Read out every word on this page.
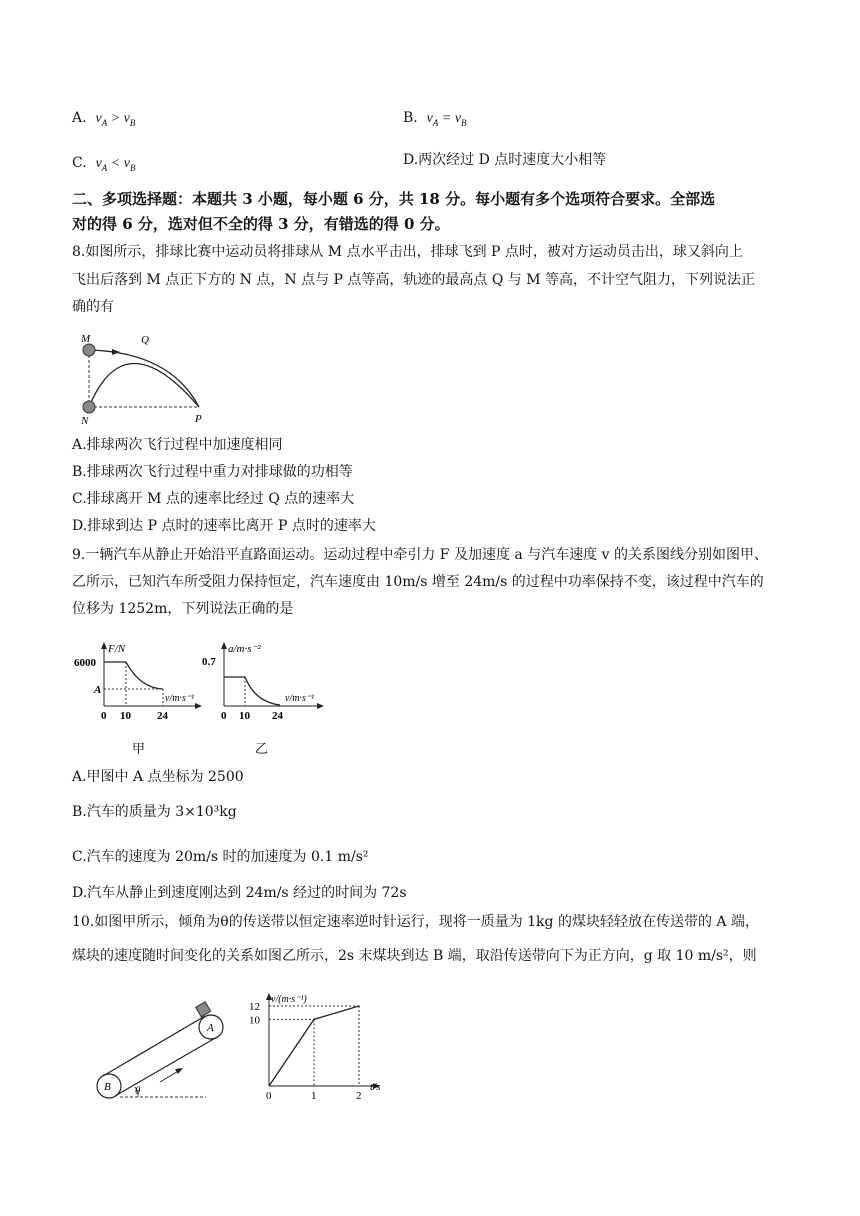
A. $v_A > v_B$	B. $v_A = v_B$
C. $v_A < v_B$	D.两次经过 D 点时速度大小相等
二、多项选择题：本题共 3 小题，每小题 6 分，共 18 分。每小题有多个选项符合要求。全部选
对的得 6 分，选对但不全的得 3 分，有错选的得 0 分。
8.如图所示，排球比赛中运动员将排球从 M 点水平击出，排球飞到 P 点时，被对方运动员击出，球又斜向上
飞出后落到 M 点正下方的 N 点，N 点与 P 点等高，轨迹的最高点 Q 与 M 等高，不计空气阻力，下列说法正
确的有
M	Q
N	P
A.排球两次飞行过程中加速度相同
B.排球两次飞行过程中重力对排球做的功相等
C.排球离开 M 点的速率比经过 Q 点的速率大
D.排球到达 P 点时的速率比离开 P 点时的速率大
9.一辆汽车从静止开始沿平直路面运动。运动过程中牵引力 F 及加速度 a 与汽车速度 v 的关系图线分别如图甲、
乙所示，已知汽车所受阻力保持恒定，汽车速度由 10m/s 增至 24m/s 的过程中功率保持不变，该过程中汽车的
位移为 1252m，下列说法正确的是
F/N
6000
A
v/m·s⁻¹
0 10 24
甲
a/m·s⁻²
0.7
v/m·s⁻¹
0 10 24
乙
A.甲图中 A 点坐标为 2500
B.汽车的质量为 3×10³kg
C.汽车的速度为 20m/s 时的加速度为 0.1 m/s²
D.汽车从静止到速度刚达到 24m/s 经过的时间为 72s
10.如图甲所示，倾角为θ的传送带以恒定速率逆时针运行，现将一质量为 1kg 的煤块轻轻放在传送带的 A 端，
煤块的速度随时间变化的关系如图乙所示，2s 末煤块到达 B 端，取沿传送带向下为正方向，g 取 10 m/s²，则
B
A
θ
v/(m·s⁻¹)
t/s
0	1	2
10
12
